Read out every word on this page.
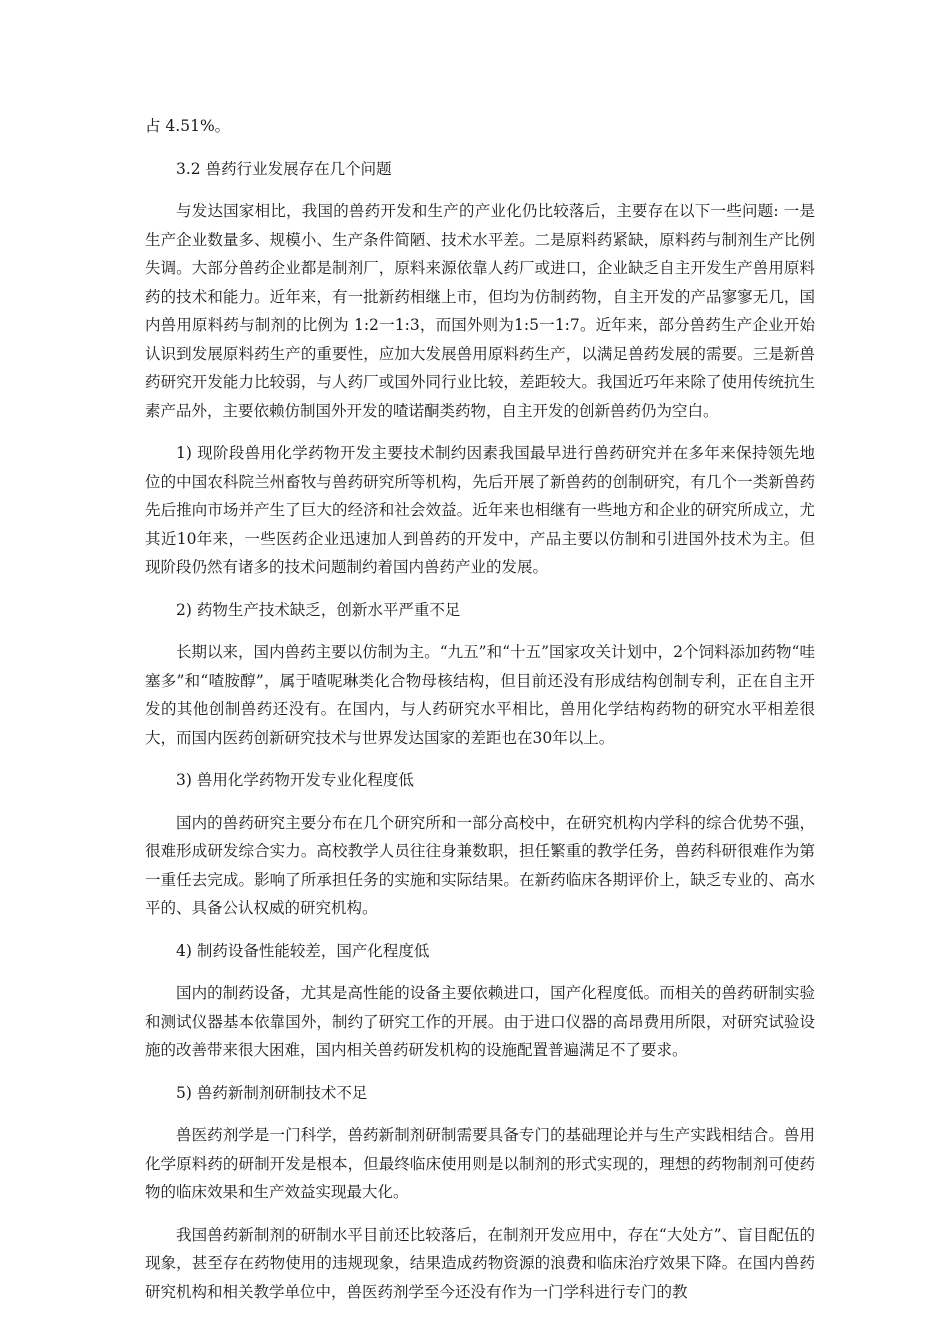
占 4.51%。

3.2 兽药行业发展存在几个问题

与发达国家相比，我国的兽药开发和生产的产业化仍比较落后，主要存在以下一些问题: 一是生产企业数量多、规模小、生产条件简陋、技术水平差。二是原料药紧缺，原料药与制剂生产比例失调。大部分兽药企业都是制剂厂，原料来源依靠人药厂或进口，企业缺乏自主开发生产兽用原料药的技术和能力。近年来，有一批新药相继上市，但均为仿制药物，自主开发的产品寥寥无几，国内兽用原料药与制剂的比例为 1:2一1:3，而国外则为1:5一1:7。近年来，部分兽药生产企业开始认识到发展原料药生产的重要性，应加大发展兽用原料药生产，以满足兽药发展的需要。三是新兽药研究开发能力比较弱，与人药厂或国外同行业比较，差距较大。我国近巧年来除了使用传统抗生素产品外，主要依赖仿制国外开发的喳诺酮类药物，自主开发的创新兽药仍为空白。

1) 现阶段兽用化学药物开发主要技术制约因素我国最早进行兽药研究并在多年来保持领先地位的中国农科院兰州畜牧与兽药研究所等机构，先后开展了新兽药的创制研究，有几个一类新兽药先后推向市场并产生了巨大的经济和社会效益。近年来也相继有一些地方和企业的研究所成立，尤其近10年来，一些医药企业迅速加人到兽药的开发中，产品主要以仿制和引进国外技术为主。但现阶段仍然有诸多的技术问题制约着国内兽药产业的发展。

2) 药物生产技术缺乏，创新水平严重不足

长期以来，国内兽药主要以仿制为主。“九五”和“十五”国家攻关计划中，2个饲料添加药物“哇塞多”和“喳胺醇”，属于喳呢琳类化合物母核结构，但目前还没有形成结构创制专利，正在自主开发的其他创制兽药还没有。在国内，与人药研究水平相比，兽用化学结构药物的研究水平相差很大，而国内医药创新研究技术与世界发达国家的差距也在30年以上。

3) 兽用化学药物开发专业化程度低

国内的兽药研究主要分布在几个研究所和一部分高校中，在研究机构内学科的综合优势不强，很难形成研发综合实力。高校教学人员往往身兼数职，担任繁重的教学任务，兽药科研很难作为第一重任去完成。影响了所承担任务的实施和实际结果。在新药临床各期评价上，缺乏专业的、高水平的、具备公认权威的研究机构。

4) 制药设备性能较差，国产化程度低

国内的制药设备，尤其是高性能的设备主要依赖进口，国产化程度低。而相关的兽药研制实验和测试仪器基本依靠国外，制约了研究工作的开展。由于进口仪器的高昂费用所限，对研究试验设施的改善带来很大困难，国内相关兽药研发机构的设施配置普遍满足不了要求。

5) 兽药新制剂研制技术不足

兽医药剂学是一门科学，兽药新制剂研制需要具备专门的基础理论并与生产实践相结合。兽用化学原料药的研制开发是根本，但最终临床使用则是以制剂的形式实现的，理想的药物制剂可使药物的临床效果和生产效益实现最大化。

我国兽药新制剂的研制水平目前还比较落后，在制剂开发应用中，存在“大处方”、盲目配伍的现象，甚至存在药物使用的违规现象，结果造成药物资源的浪费和临床治疗效果下降。在国内兽药研究机构和相关教学单位中，兽医药剂学至今还没有作为一门学科进行专门的教
